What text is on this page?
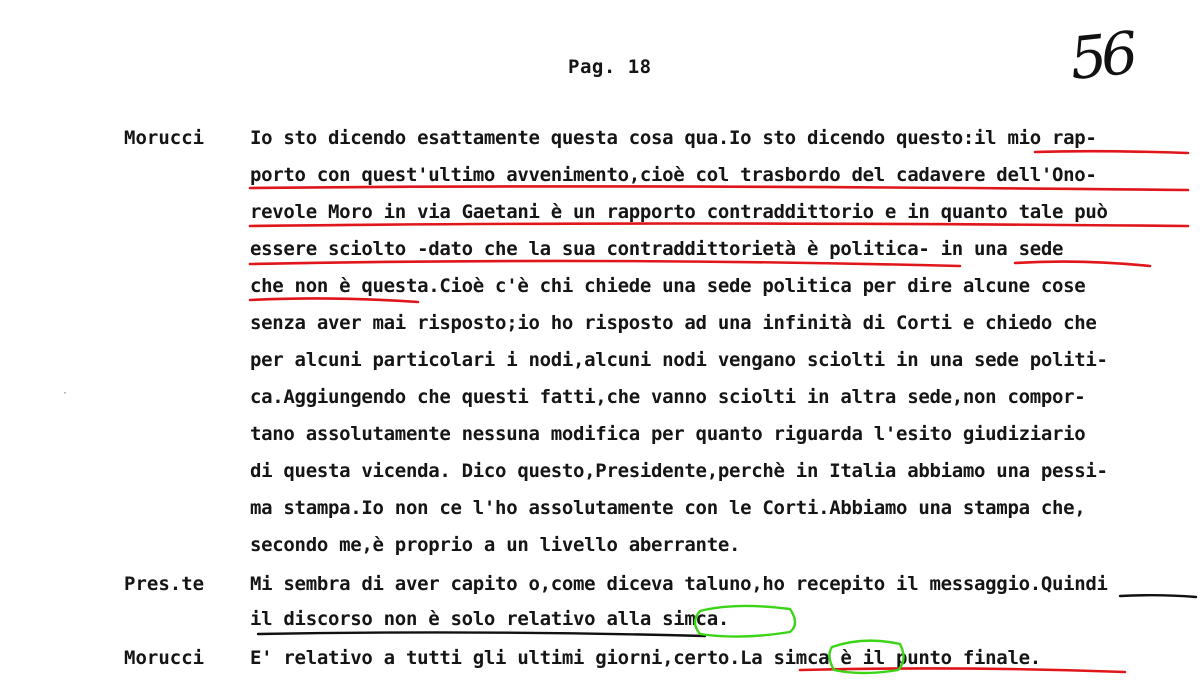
Pag. 18	56
·
Morucci Io sto dicendo esattamente questa cosa qua.Io sto dicendo questo:il mio rap-
porto con quest'ultimo avvenimento,cioè col trasbordo del cadavere dell'Ono-
revole Moro in via Gaetani è un rapporto contraddittorio e in quanto tale può
essere sciolto -dato che la sua contraddittorietà è politica- in una sede
che non è questa.Cioè c'è chi chiede una sede politica per dire alcune cose
senza aver mai risposto;io ho risposto ad una infinità di Corti e chiedo che
per alcuni particolari i nodi,alcuni nodi vengano sciolti in una sede politi-
ca.Aggiungendo che questi fatti,che vanno sciolti in altra sede,non compor-
tano assolutamente nessuna modifica per quanto riguarda l'esito giudiziario
di questa vicenda. Dico questo,Presidente,perchè in Italia abbiamo una pessi-
ma stampa.Io non ce l'ho assolutamente con le Corti.Abbiamo una stampa che,
secondo me,è proprio a un livello aberrante.
Pres.te Mi sembra di aver capito o,come diceva taluno,ho recepito il messaggio.Quindi
il discorso non è solo relativo alla simca.
Morucci E' relativo a tutti gli ultimi giorni,certo.La simca è il punto finale.
